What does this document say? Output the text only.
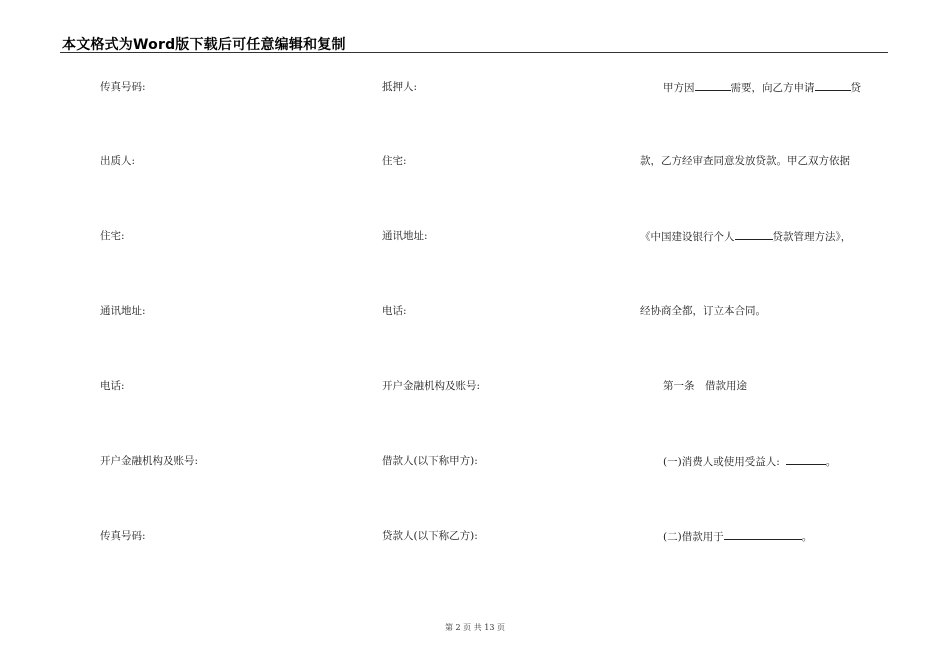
本文格式为Word版下载后可任意编辑和复制
传真号码:
出质人:
住宅:
通讯地址:
电话:
开户金融机构及账号:
传真号码:
抵押人:
住宅:
通讯地址:
电话:
开户金融机构及账号:
借款人(以下称甲方):
贷款人(以下称乙方):
甲方因	需要，向乙方申请	贷
款，乙方经审查同意发放贷款。甲乙双方依据
《中国建设银行个人	贷款管理方法》，
经协商全都，订立本合同。
第一条　借款用途
(一)消费人或使用受益人:	。
(二)借款用于	。
第 2 页 共 13 页
